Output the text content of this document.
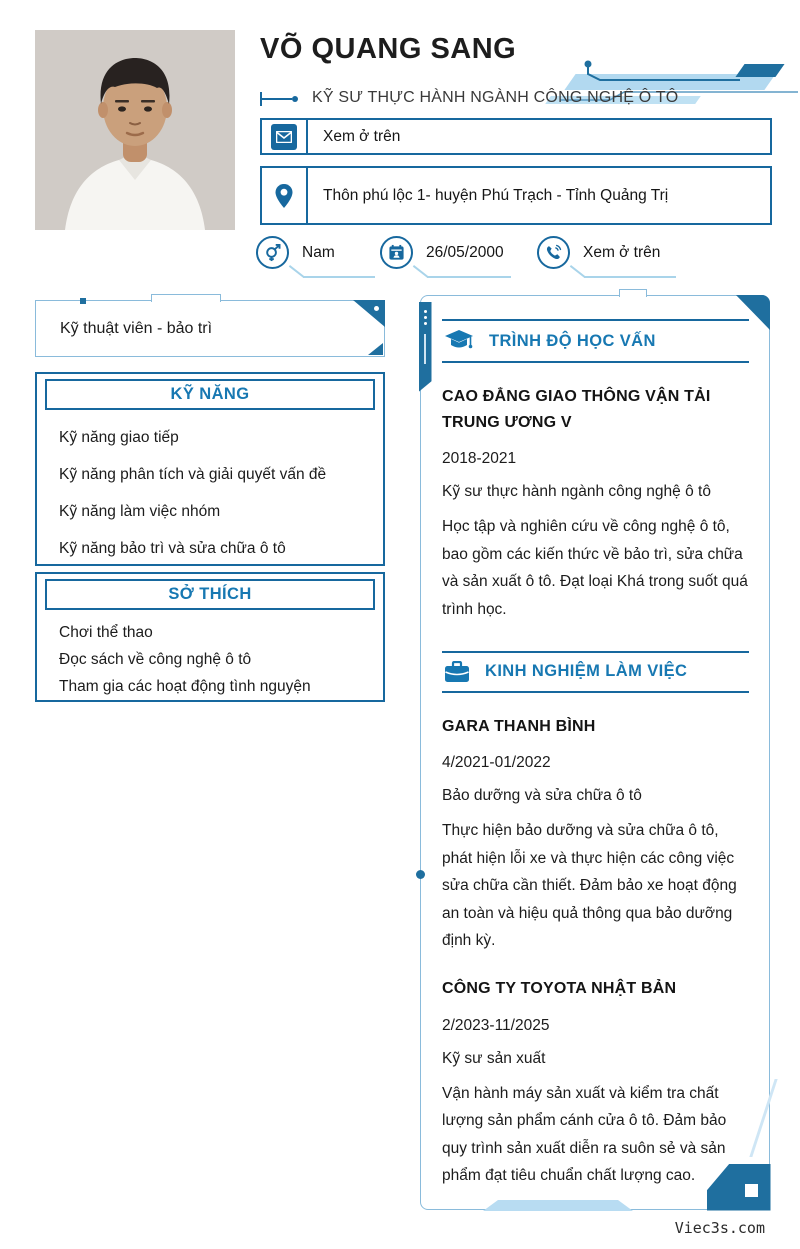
VÕ QUANG SANG
KỸ SƯ THỰC HÀNH NGÀNH CÔNG NGHỆ Ô TÔ
Xem ở trên
Thôn phú lộc 1- huyện Phú Trạch - Tỉnh Quảng Trị
Nam	26/05/2000	Xem ở trên
Kỹ thuật viên - bảo trì
KỸ NĂNG
Kỹ năng giao tiếp
Kỹ năng phân tích và giải quyết vấn đề
Kỹ năng làm việc nhóm
Kỹ năng bảo trì và sửa chữa ô tô
SỞ THÍCH
Chơi thể thao
Đọc sách về công nghệ ô tô
Tham gia các hoạt động tình nguyện
TRÌNH ĐỘ HỌC VẤN
CAO ĐẲNG GIAO THÔNG VẬN TẢI TRUNG ƯƠNG V
2018-2021
Kỹ sư thực hành ngành công nghệ ô tô
Học tập và nghiên cứu về công nghệ ô tô, bao gồm các kiến thức về bảo trì, sửa chữa và sản xuất ô tô. Đạt loại Khá trong suốt quá trình học.
KINH NGHIỆM LÀM VIỆC
GARA THANH BÌNH
4/2021-01/2022
Bảo dưỡng và sửa chữa ô tô
Thực hiện bảo dưỡng và sửa chữa ô tô, phát hiện lỗi xe và thực hiện các công việc sửa chữa cần thiết. Đảm bảo xe hoạt động an toàn và hiệu quả thông qua bảo dưỡng định kỳ.
CÔNG TY TOYOTA NHẬT BẢN
2/2023-11/2025
Kỹ sư sản xuất
Vận hành máy sản xuất và kiểm tra chất lượng sản phẩm cánh cửa ô tô. Đảm bảo quy trình sản xuất diễn ra suôn sẻ và sản phẩm đạt tiêu chuẩn chất lượng cao.
Viec3s.com
